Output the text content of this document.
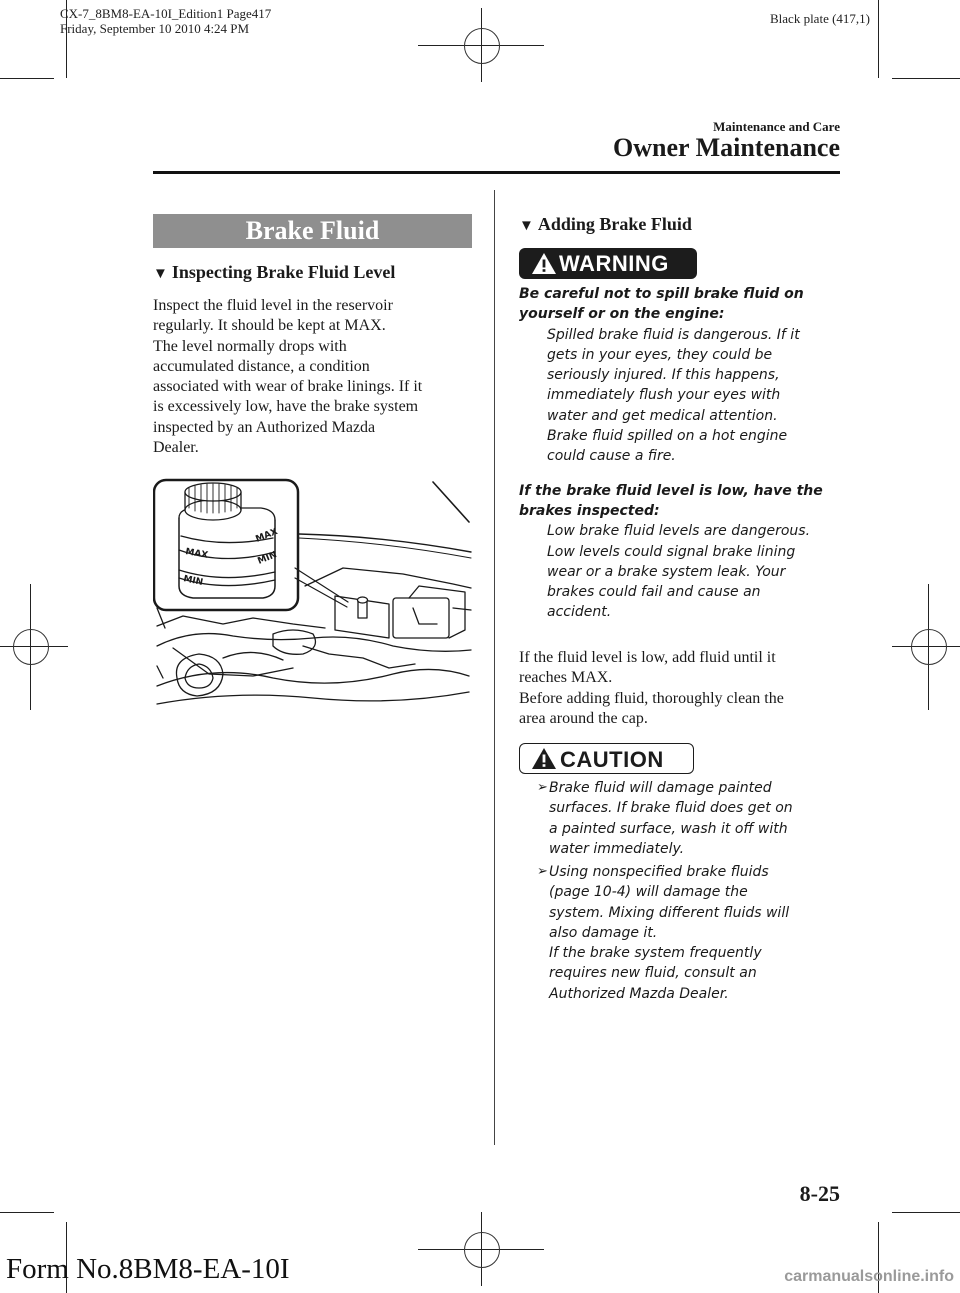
CX-7_8BM8-EA-10I_Edition1 Page417
Friday, September 10 2010 4:24 PM
Black plate (417,1)
Maintenance and Care
Owner Maintenance
Brake Fluid
▼ Inspecting Brake Fluid Level
Inspect the fluid level in the reservoir
regularly. It should be kept at MAX.
The level normally drops with
accumulated distance, a condition
associated with wear of brake linings. If it
is excessively low, have the brake system
inspected by an Authorized Mazda
Dealer.
MAX
MAX
MIN
MIN
▼ Adding Brake Fluid
WARNING
Be careful not to spill brake fluid on
yourself or on the engine:
Spilled brake fluid is dangerous. If it
gets in your eyes, they could be
seriously injured. If this happens,
immediately flush your eyes with
water and get medical attention.
Brake fluid spilled on a hot engine
could cause a fire.
If the brake fluid level is low, have the
brakes inspected:
Low brake fluid levels are dangerous.
Low levels could signal brake lining
wear or a brake system leak. Your
brakes could fail and cause an
accident.
If the fluid level is low, add fluid until it
reaches MAX.
Before adding fluid, thoroughly clean the
area around the cap.
CAUTION
➢ Brake fluid will damage painted
surfaces. If brake fluid does get on
a painted surface, wash it off with
water immediately.
➢ Using nonspecified brake fluids
(page 10-4) will damage the
system. Mixing different fluids will
also damage it.
If the brake system frequently
requires new fluid, consult an
Authorized Mazda Dealer.
8-25
Form No.8BM8-EA-10I	carmanualsonline.info
